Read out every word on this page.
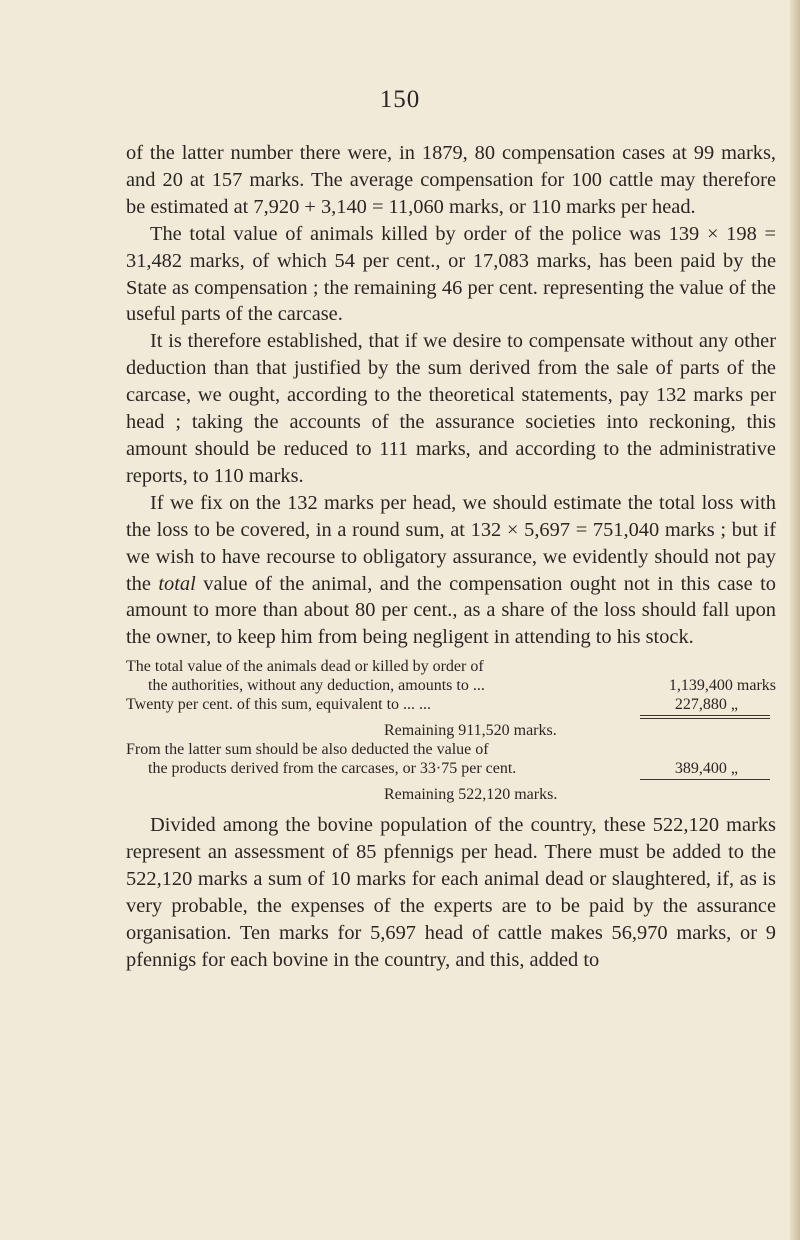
150

of the latter number there were, in 1879, 80 compensation cases at 99 marks, and 20 at 157 marks. The average compensation for 100 cattle may therefore be estimated at 7,920 + 3,140 = 11,060 marks, or 110 marks per head.

The total value of animals killed by order of the police was 139 × 198 = 31,482 marks, of which 54 per cent., or 17,083 marks, has been paid by the State as compensation ; the remaining 46 per cent. representing the value of the useful parts of the carcase.

It is therefore established, that if we desire to compensate without any other deduction than that justified by the sum derived from the sale of parts of the carcase, we ought, according to the theoretical statements, pay 132 marks per head ; taking the accounts of the assurance societies into reckoning, this amount should be reduced to 111 marks, and according to the administrative reports, to 110 marks.

If we fix on the 132 marks per head, we should estimate the total loss with the loss to be covered, in a round sum, at 132 × 5,697 = 751,040 marks ; but if we wish to have recourse to obligatory assurance, we evidently should not pay the total value of the animal, and the compensation ought not in this case to amount to more than about 80 per cent., as a share of the loss should fall upon the owner, to keep him from being negligent in attending to his stock.

The total value of the animals dead or killed by order of
the authorities, without any deduction, amounts to ...	1,139,400 marks
Twenty per cent. of this sum, equivalent to ... ...	227,880 „
Remaining 911,520 marks.
From the latter sum should be also deducted the value of
the products derived from the carcases, or 33·75 per cent.	389,400 „
Remaining 522,120 marks.

Divided among the bovine population of the country, these 522,120 marks represent an assessment of 85 pfennigs per head. There must be added to the 522,120 marks a sum of 10 marks for each animal dead or slaughtered, if, as is very probable, the expenses of the experts are to be paid by the assurance organisation. Ten marks for 5,697 head of cattle makes 56,970 marks, or 9 pfennigs for each bovine in the country, and this, added to
